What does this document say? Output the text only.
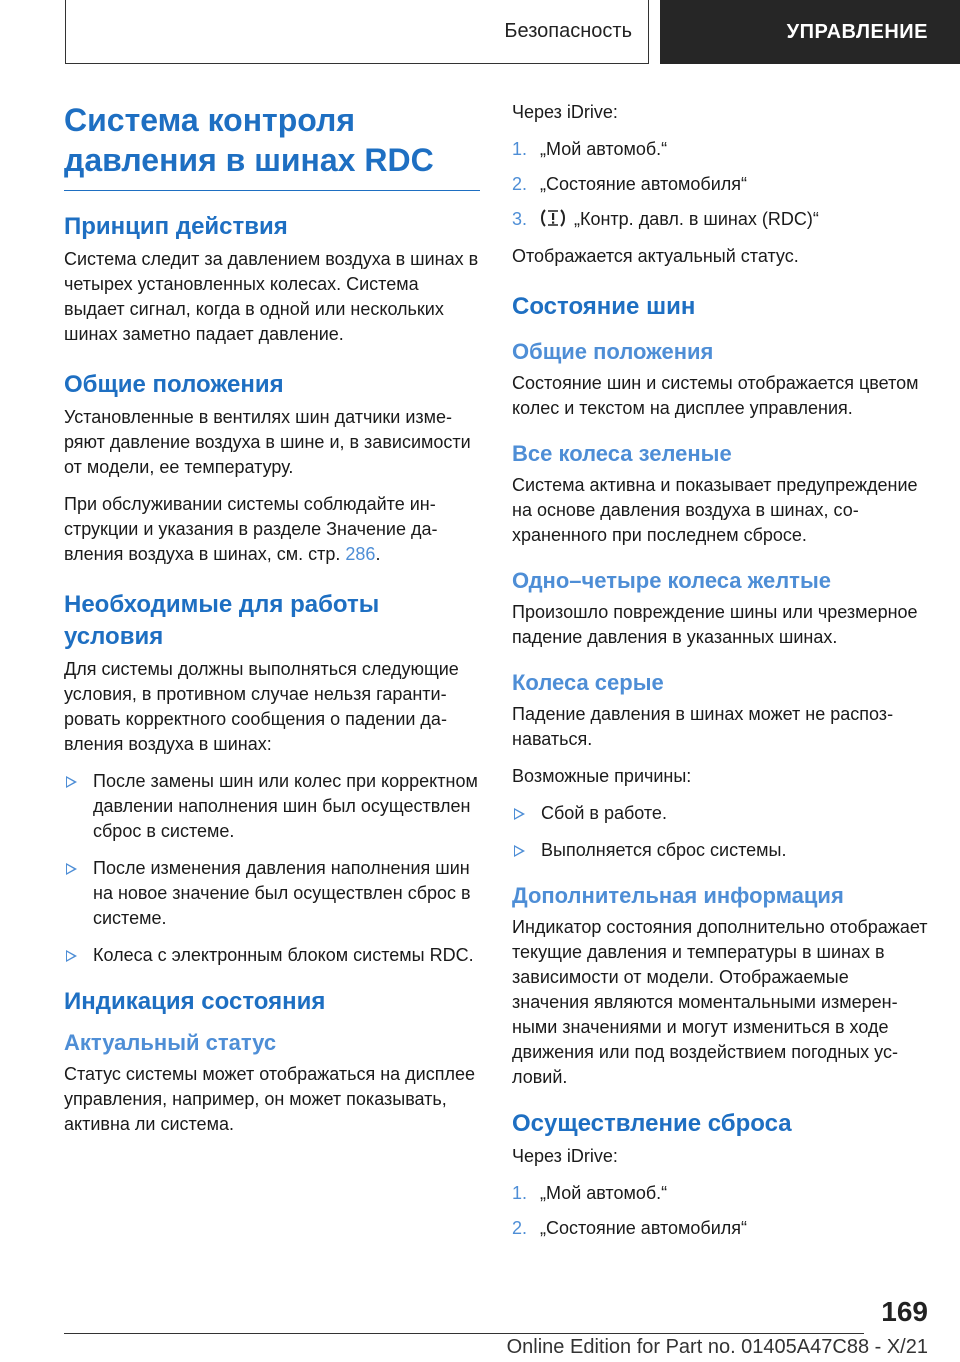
Безопасность	УПРАВЛЕНИЕ
Система контроля давления в шинах RDC
Принцип действия

Система следит за давлением воздуха в шинах в четырех установленных колесах. Система выдает сигнал, когда в одной или нескольких шинах заметно падает давление.

Общие положения

Установленные в вентилях шин датчики измеряют давление воздуха в шине и, в зависимости от модели, ее температуру.

При обслуживании системы соблюдайте инструкции и указания в разделе Значение давления воздуха в шинах, см. стр. 286.

Необходимые для работы условия

Для системы должны выполняться следующие условия, в противном случае нельзя гарантировать корректного сообщения о падении давления воздуха в шинах:

После замены шин или колес при корректном давлении наполнения шин был осуществлен сброс в системе.
После изменения давления наполнения шин на новое значение был осуществлен сброс в системе.
Колеса с электронным блоком системы RDC.
Индикация состояния
Актуальный статус

Статус системы может отображаться на дисплее управления, например, он может показывать, активна ли система.

Через iDrive:

1. „Мой автомоб.“
2. „Состояние автомобиля“
3.	„Контр. давл. в шинах (RDC)“

Отображается актуальный статус.

Состояние шин
Общие положения

Состояние шин и системы отображается цветом колес и текстом на дисплее управления.

Все колеса зеленые

Система активна и показывает предупреждение на основе давления воздуха в шинах, сохраненного при последнем сбросе.

Одно–четыре колеса желтые

Произошло повреждение шины или чрезмерное падение давления в указанных шинах.

Колеса серые

Падение давления в шинах может не распознаваться.

Возможные причины:

Сбой в работе.
Выполняется сброс системы.
Дополнительная информация

Индикатор состояния дополнительно отображает текущие давления и температуры в шинах в зависимости от модели. Отображаемые значения являются моментальными измеренными значениями и могут измениться в ходе движения или под воздействием погодных условий.

Осуществление сброса

Через iDrive:

1. „Мой автомоб.“
2. „Состояние автомобиля“
169
Online Edition for Part no. 01405A47C88 - X/21
